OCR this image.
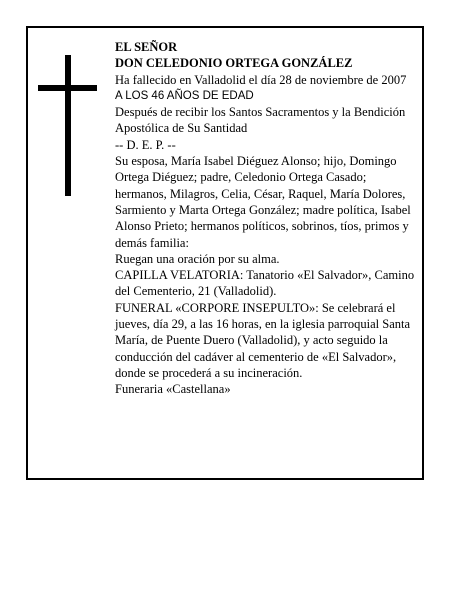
EL SEÑOR

DON CELEDONIO ORTEGA GONZÁLEZ

Ha fallecido en Valladolid el día 28 de noviembre de 2007

A LOS 46 AÑOS DE EDAD

Después de recibir los Santos Sacramentos y la Bendición Apostólica de Su Santidad

-- D. E. P. --

Su esposa, María Isabel Diéguez Alonso; hijo, Domingo Ortega Diéguez; padre, Celedonio Ortega Casado; hermanos, Milagros, Celia, César, Raquel, María Dolores, Sarmiento y Marta Ortega González; madre política, Isabel Alonso Prieto; hermanos políticos, sobrinos, tíos, primos y demás familia:

Ruegan una oración por su alma.

CAPILLA VELATORIA: Tanatorio «El Salvador», Camino del Cementerio, 21 (Valladolid).

FUNERAL «CORPORE INSEPULTO»: Se celebrará el jueves, día 29, a las 16 horas, en la iglesia parroquial Santa María, de Puente Duero (Valladolid), y acto seguido la conducción del cadáver al cementerio de «El Salvador», donde se procederá a su incineración.

Funeraria «Castellana»
